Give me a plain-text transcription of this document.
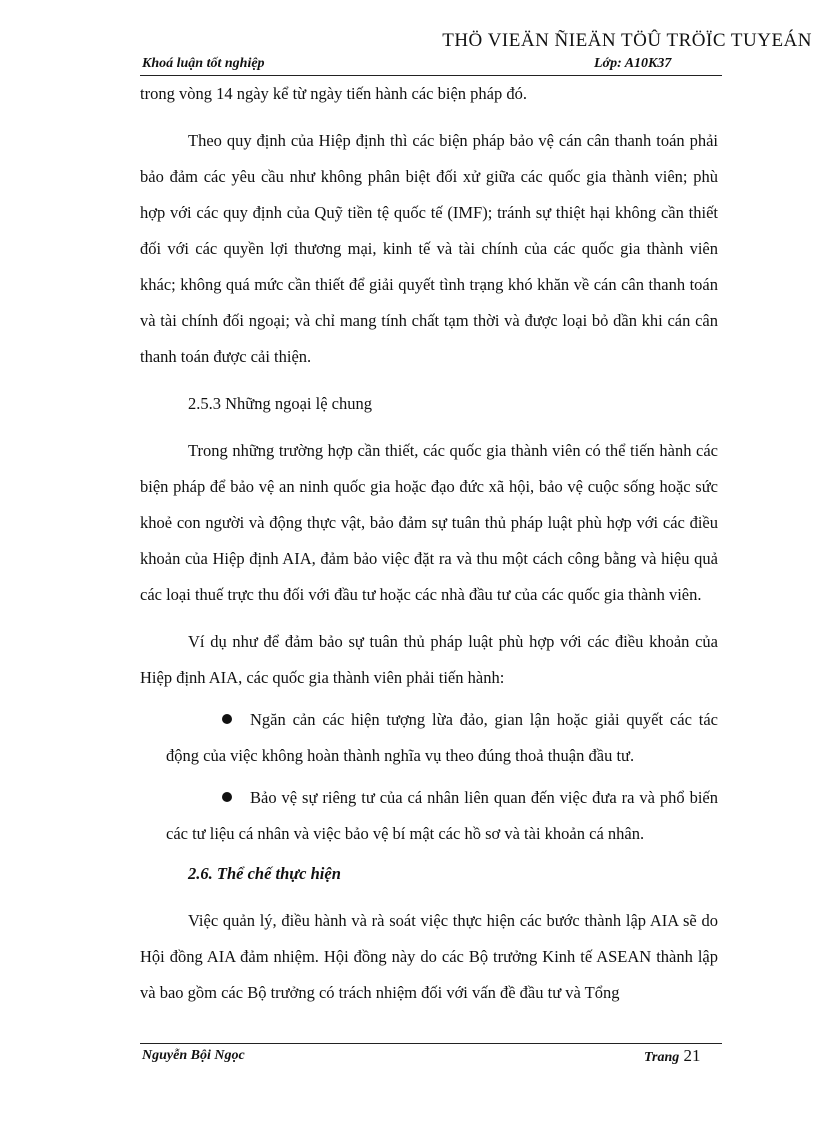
THÖ VIEÄN ÑIEÄN TÖÛ TRÖÏC TUYEÁN
Khoá luận tốt nghiệp	Lớp: A10K37

trong vòng 14 ngày kể từ ngày tiến hành các biện pháp đó.

Theo quy định của Hiệp định thì các biện pháp bảo vệ cán cân thanh toán phải bảo đảm các yêu cầu như không phân biệt đối xử giữa các quốc gia thành viên; phù hợp với các quy định của Quỹ tiền tệ quốc tế (IMF); tránh sự thiệt hại không cần thiết đối với các quyền lợi thương mại, kinh tế và tài chính của các quốc gia thành viên khác; không quá mức cần thiết để giải quyết tình trạng khó khăn về cán cân thanh toán và tài chính đối ngoại; và chỉ mang tính chất tạm thời và được loại bỏ dần khi cán cân thanh toán được cải thiện.

2.5.3 Những ngoại lệ chung

Trong những trường hợp cần thiết, các quốc gia thành viên có thể tiến hành các biện pháp để bảo vệ an ninh quốc gia hoặc đạo đức xã hội, bảo vệ cuộc sống hoặc sức khoẻ con người và động thực vật, bảo đảm sự tuân thủ pháp luật phù hợp với các điều khoản của Hiệp định AIA, đảm bảo việc đặt ra và thu một cách công bằng và hiệu quả các loại thuế trực thu đối với đầu tư hoặc các nhà đầu tư của các quốc gia thành viên.

Ví dụ như để đảm bảo sự tuân thủ pháp luật phù hợp với các điều khoản của Hiệp định AIA, các quốc gia thành viên phải tiến hành:

Ngăn cản các hiện tượng lừa đảo, gian lận hoặc giải quyết các tác động của việc không hoàn thành nghĩa vụ theo đúng thoả thuận đầu tư.

Bảo vệ sự riêng tư của cá nhân liên quan đến việc đưa ra và phổ biến các tư liệu cá nhân và việc bảo vệ bí mật các hồ sơ và tài khoản cá nhân.

2.6. Thể chế thực hiện

Việc quản lý, điều hành và rà soát việc thực hiện các bước thành lập AIA sẽ do Hội đồng AIA đảm nhiệm. Hội đồng này do các Bộ trưởng Kinh tế ASEAN thành lập và bao gồm các Bộ trưởng có trách nhiệm đối với vấn đề đầu tư và Tổng

Nguyễn Bội Ngọc	Trang 21
